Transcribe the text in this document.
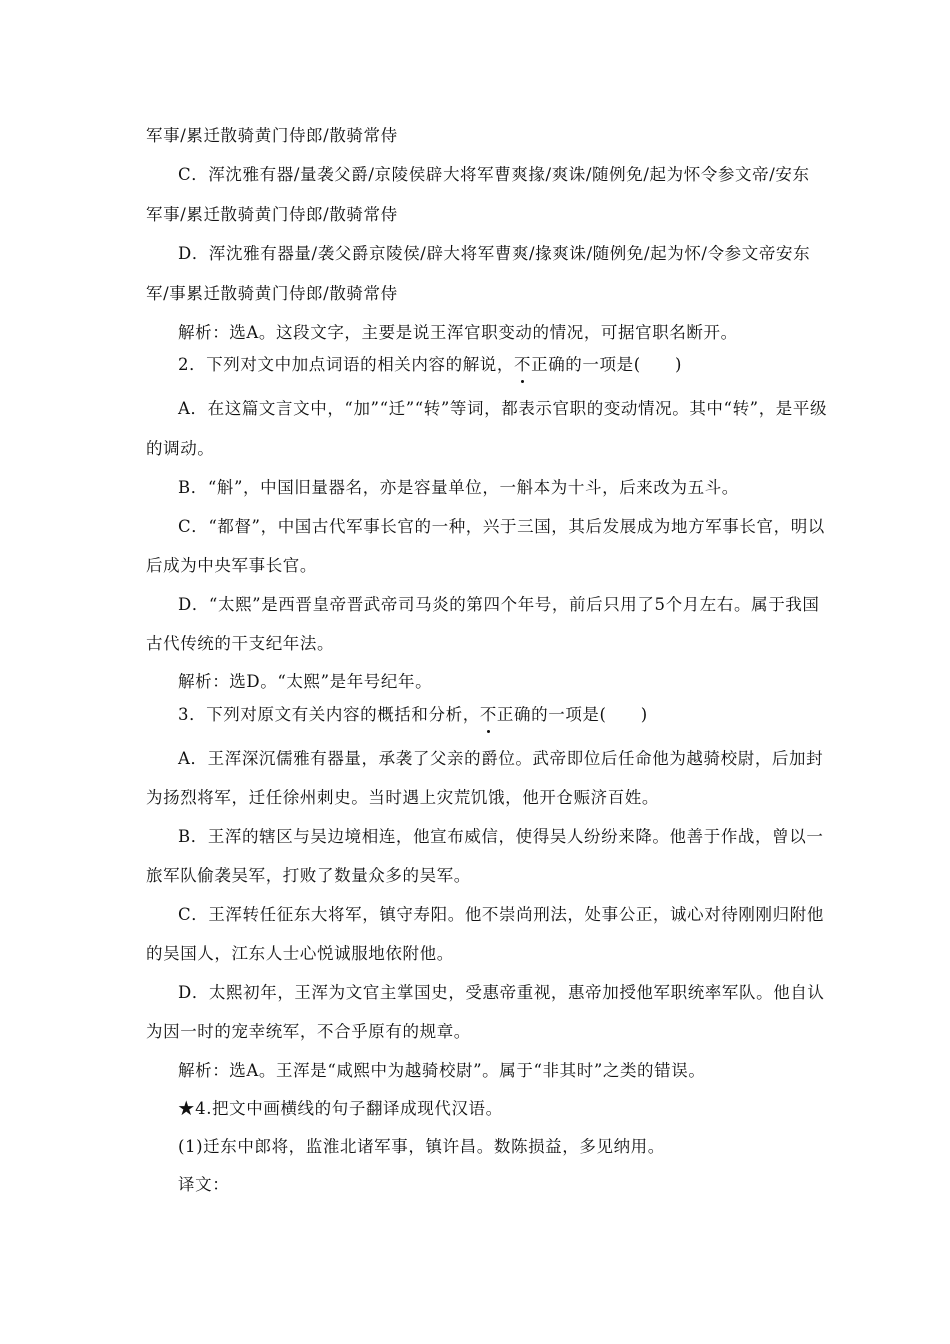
军事/累迁散骑黄门侍郎/散骑常侍
C．浑沈雅有器/量袭父爵/京陵侯辟大将军曹爽掾/爽诛/随例免/起为怀令参文帝/安东
军事/累迁散骑黄门侍郎/散骑常侍
D．浑沈雅有器量/袭父爵京陵侯/辟大将军曹爽/掾爽诛/随例免/起为怀/令参文帝安东
军/事累迁散骑黄门侍郎/散骑常侍
解析：选A。这段文字，主要是说王浑官职变动的情况，可据官职名断开。
2．下列对文中加点词语的相关内容的解说，不正确的一项是(　　)
A．在这篇文言文中，“加”“迁”“转”等词，都表示官职的变动情况。其中“转”，是平级
的调动。
B．“斛”，中国旧量器名，亦是容量单位，一斛本为十斗，后来改为五斗。
C．“都督”，中国古代军事长官的一种，兴于三国，其后发展成为地方军事长官，明以
后成为中央军事长官。
D．“太熙”是西晋皇帝晋武帝司马炎的第四个年号，前后只用了5个月左右。属于我国
古代传统的干支纪年法。
解析：选D。“太熙”是年号纪年。
3．下列对原文有关内容的概括和分析，不正确的一项是(　　)
A．王浑深沉儒雅有器量，承袭了父亲的爵位。武帝即位后任命他为越骑校尉，后加封
为扬烈将军，迁任徐州刺史。当时遇上灾荒饥饿，他开仓赈济百姓。
B．王浑的辖区与吴边境相连，他宣布威信，使得吴人纷纷来降。他善于作战，曾以一
旅军队偷袭吴军，打败了数量众多的吴军。
C．王浑转任征东大将军，镇守寿阳。他不崇尚刑法，处事公正，诚心对待刚刚归附他
的吴国人，江东人士心悦诚服地依附他。
D．太熙初年，王浑为文官主掌国史，受惠帝重视，惠帝加授他军职统率军队。他自认
为因一时的宠幸统军，不合乎原有的规章。
解析：选A。王浑是“咸熙中为越骑校尉”。属于“非其时”之类的错误。
★4.把文中画横线的句子翻译成现代汉语。
(1)迁东中郎将，监淮北诸军事，镇许昌。数陈损益，多见纳用。
译文：
